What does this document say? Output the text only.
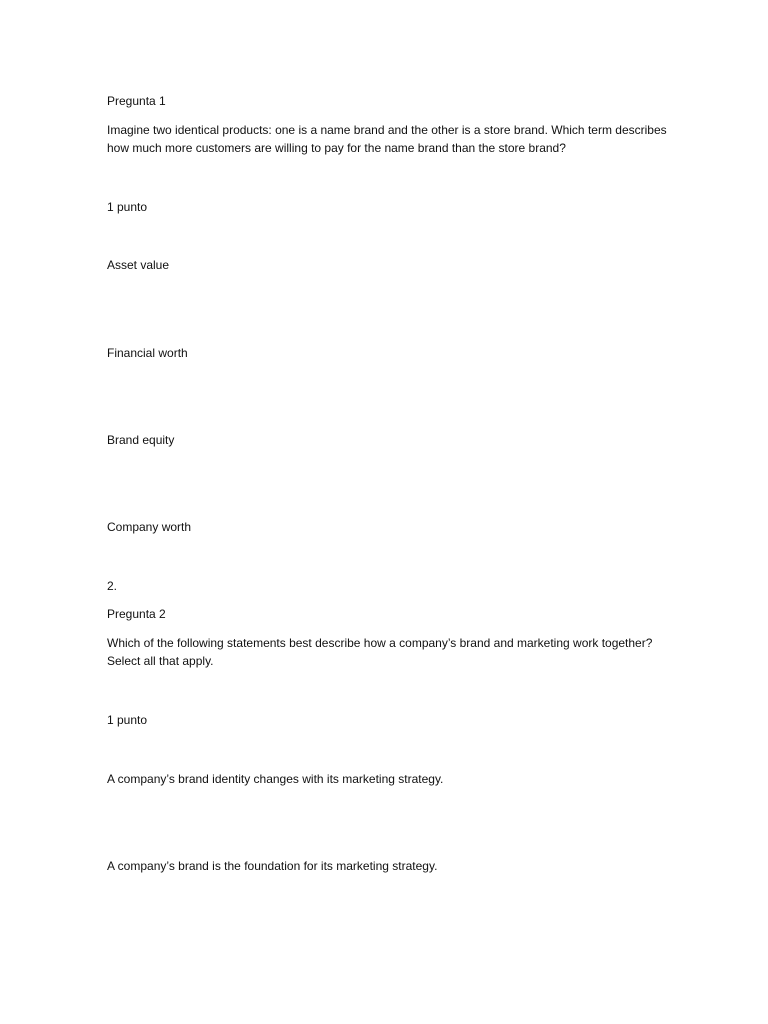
Pregunta 1
Imagine two identical products: one is a name brand and the other is a store brand. Which term describes how much more customers are willing to pay for the name brand than the store brand?
1 punto
Asset value
Financial worth
Brand equity
Company worth
2.
Pregunta 2
Which of the following statements best describe how a company’s brand and marketing work together? Select all that apply.
1 punto
A company’s brand identity changes with its marketing strategy.
A company’s brand is the foundation for its marketing strategy.
